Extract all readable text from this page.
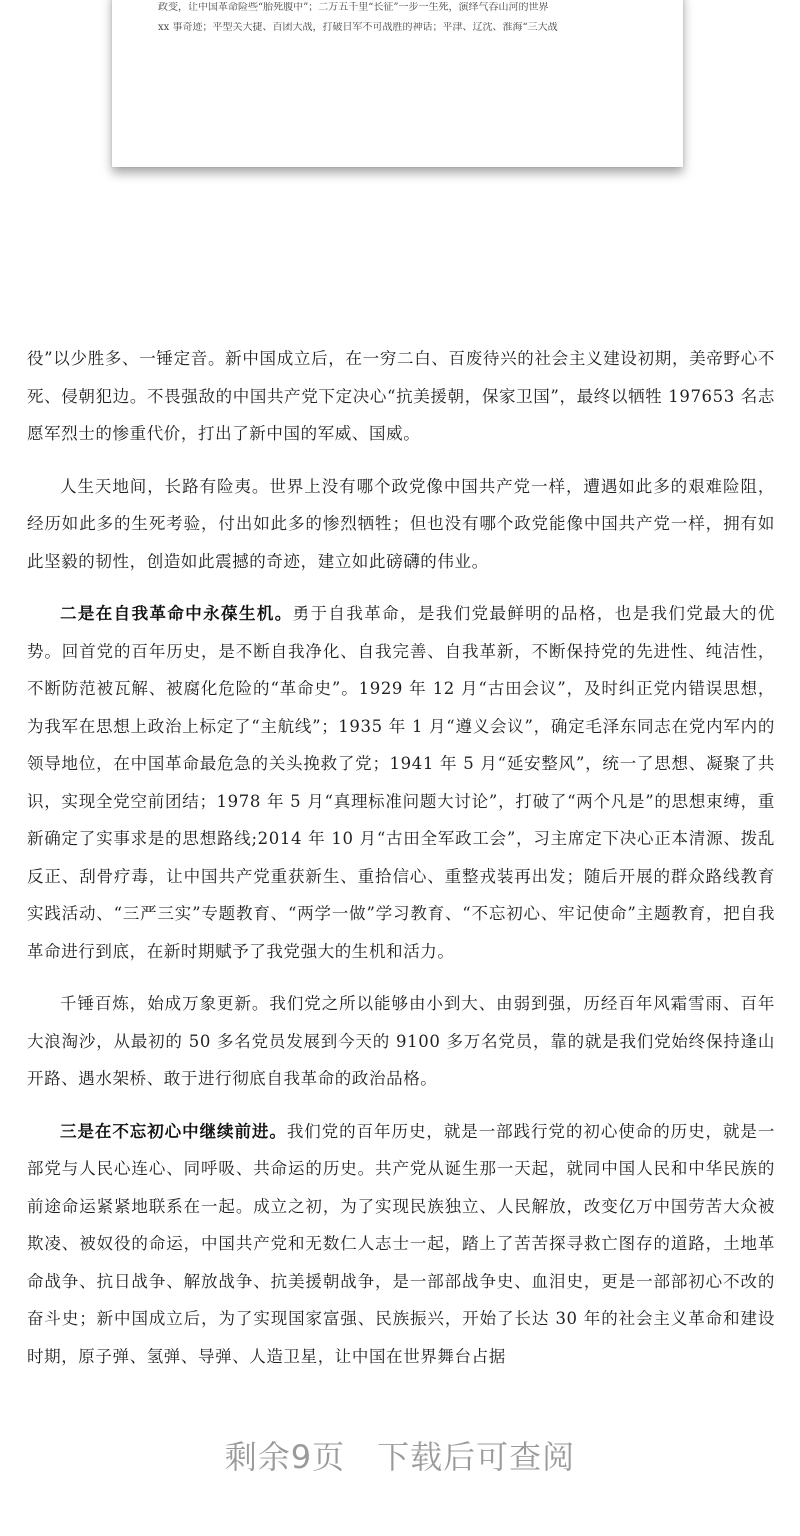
政变，让中国革命险些“胎死腹中”；二万五千里“长征”一步一生死，演绎气吞山河的世界
xx 事奇迹；平型关大捷、百团大战，打破日军不可战胜的神话；平津、辽沈、淮海“三大战

役”以少胜多、一锤定音。新中国成立后，在一穷二白、百废待兴的社会主义建设初期，美帝野心不死、侵朝犯边。不畏强敌的中国共产党下定决心“抗美援朝，保家卫国”，最终以牺牲 197653 名志愿军烈士的惨重代价，打出了新中国的军威、国威。

人生天地间，长路有险夷。世界上没有哪个政党像中国共产党一样，遭遇如此多的艰难险阻，经历如此多的生死考验，付出如此多的惨烈牺牲；但也没有哪个政党能像中国共产党一样，拥有如此坚毅的韧性，创造如此震撼的奇迹，建立如此磅礴的伟业。

二是在自我革命中永葆生机。勇于自我革命，是我们党最鲜明的品格，也是我们党最大的优势。回首党的百年历史，是不断自我净化、自我完善、自我革新，不断保持党的先进性、纯洁性，不断防范被瓦解、被腐化危险的“革命史”。1929 年 12 月“古田会议”，及时纠正党内错误思想，为我军在思想上政治上标定了“主航线”；1935 年 1 月“遵义会议”，确定毛泽东同志在党内军内的领导地位，在中国革命最危急的关头挽救了党；1941 年 5 月“延安整风”，统一了思想、凝聚了共识，实现全党空前团结；1978 年 5 月“真理标准问题大讨论”，打破了“两个凡是”的思想束缚，重新确定了实事求是的思想路线;2014 年 10 月“古田全军政工会”，习主席定下决心正本清源、拨乱反正、刮骨疗毒，让中国共产党重获新生、重拾信心、重整戎装再出发；随后开展的群众路线教育实践活动、“三严三实”专题教育、“两学一做”学习教育、“不忘初心、牢记使命”主题教育，把自我革命进行到底，在新时期赋予了我党强大的生机和活力。

千锤百炼，始成万象更新。我们党之所以能够由小到大、由弱到强，历经百年风霜雪雨、百年大浪淘沙，从最初的 50 多名党员发展到今天的 9100 多万名党员，靠的就是我们党始终保持逢山开路、遇水架桥、敢于进行彻底自我革命的政治品格。

三是在不忘初心中继续前进。我们党的百年历史，就是一部践行党的初心使命的历史，就是一部党与人民心连心、同呼吸、共命运的历史。共产党从诞生那一天起，就同中国人民和中华民族的前途命运紧紧地联系在一起。成立之初，为了实现民族独立、人民解放，改变亿万中国劳苦大众被欺凌、被奴役的命运，中国共产党和无数仁人志士一起，踏上了苦苦探寻救亡图存的道路，土地革命战争、抗日战争、解放战争、抗美援朝战争，是一部部战争史、血泪史，更是一部部初心不改的奋斗史；新中国成立后，为了实现国家富强、民族振兴，开始了长达 30 年的社会主义革命和建设时期，原子弹、氢弹、导弹、人造卫星，让中国在世界舞台占据

剩余9页 下载后可查阅
